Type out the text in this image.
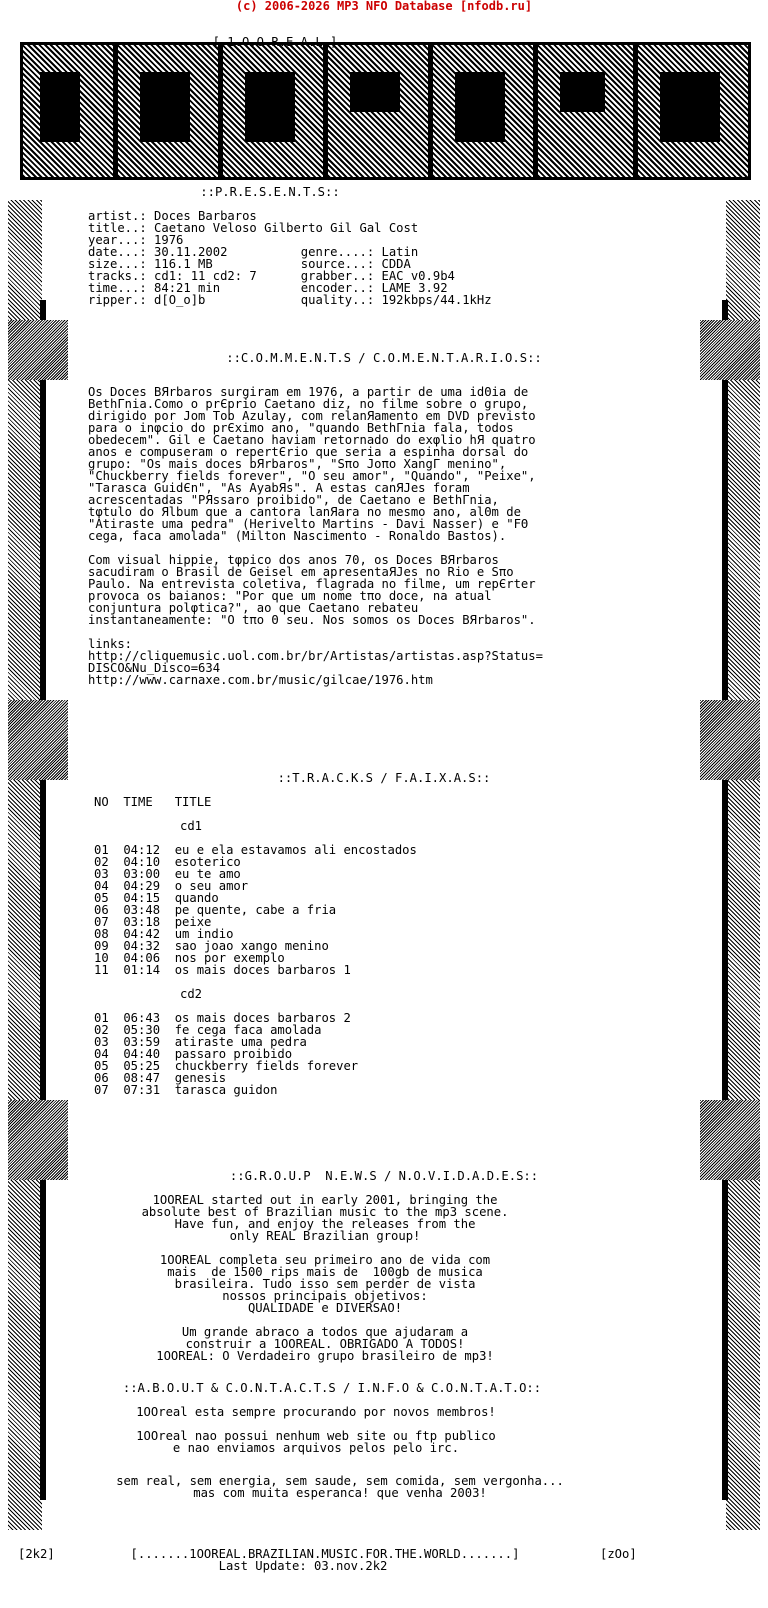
(c) 2006-2026 MP3 NFO Database [nfodb.ru]
[.1.O.O.R.E.A.L.]
::P.R.E.S.E.N.T.S::
artist.: Doces Barbaros
title..: Caetano Veloso Gilberto Gil Gal Cost
year...: 1976
date...: 30.11.2002          genre....: Latin
size...: 116.1 MB            source...: CDDA
tracks.: cd1: 11 cd2: 7      grabber..: EAC v0.9b4
time...: 84:21 min           encoder..: LAME 3.92
ripper.: d[O_o]b             quality..: 192kbps/44.1kHz
::C.O.M.M.E.N.T.S / C.O.M.E.N.T.A.R.I.O.S::
Os Doces BЯrbaros surgiram em 1976, a partir de uma idΘia de
BethΓnia.Como o prЄprio Caetano diz, no filme sobre o grupo,
dirigido por Jom Tob Azulay, com relanЯamento em DVD previsto
para o inφcio do prЄximo ano, "quando BethΓnia fala, todos
obedecem". Gil e Caetano haviam retornado do exφlio hЯ quatro
anos e compuseram o repertЄrio que seria a espinha dorsal do
grupo: "Os mais doces bЯrbaros", "Sπo Joπo XangΓ menino",
"Chuckberry fields forever", "O seu amor", "Quando", "Peixe",
"Tarasca GuidЄn", "As AyabЯs". A estas canЯJes foram
acrescentadas "PЯssaro proibido", de Caetano e BethΓnia,
tφtulo do Яlbum que a cantora lanЯara no mesmo ano, alΘm de
"Atiraste uma pedra" (Herivelto Martins - Davi Nasser) e "FΘ
cega, faca amolada" (Milton Nascimento - Ronaldo Bastos).

Com visual hippie, tφpico dos anos 70, os Doces BЯrbaros
sacudiram o Brasil de Geisel em apresentaЯJes no Rio e Sπo
Paulo. Na entrevista coletiva, flagrada no filme, um repЄrter
provoca os baianos: "Por que um nome tπo doce, na atual
conjuntura polφtica?", ao que Caetano rebateu
instantaneamente: "O tπo Θ seu. Nos somos os Doces BЯrbaros".

links:
http://cliquemusic.uol.com.br/br/Artistas/artistas.asp?Status=
DISCO&Nu_Disco=634
http://www.carnaxe.com.br/music/gilcae/1976.htm
::T.R.A.C.K.S / F.A.I.X.A.S::
NO  TIME   TITLE
cd1
01  04:12  eu e ela estavamos ali encostados
02  04:10  esoterico
03  03:00  eu te amo
04  04:29  o seu amor
05  04:15  quando
06  03:48  pe quente, cabe a fria
07  03:18  peixe
08  04:42  um indio
09  04:32  sao joao xango menino
10  04:06  nos por exemplo
11  01:14  os mais doces barbaros 1
cd2
01  06:43  os mais doces barbaros 2
02  05:30  fe cega faca amolada
03  03:59  atiraste uma pedra
04  04:40  passaro proibido
05  05:25  chuckberry fields forever
06  08:47  genesis
07  07:31  tarasca guidon
::G.R.O.U.P  N.E.W.S / N.O.V.I.D.A.D.E.S::
1OOREAL started out in early 2001, bringing the
absolute best of Brazilian music to the mp3 scene.
Have fun, and enjoy the releases from the
only REAL Brazilian group!

1OOREAL completa seu primeiro ano de vida com
mais  de 1500 rips mais de  100gb de musica
brasileira. Tudo isso sem perder de vista
nossos principais objetivos:
QUALIDADE e DIVERSAO!

Um grande abraco a todos que ajudaram a
construir a 1OOREAL. OBRIGADO A TODOS!
1OOREAL: O Verdadeiro grupo brasileiro de mp3!
::A.B.O.U.T & C.O.N.T.A.C.T.S / I.N.F.O & C.O.N.T.A.T.O::
1OOreal esta sempre procurando por novos membros!

1OOreal nao possui nenhum web site ou ftp publico
e nao enviamos arquivos pelos pelo irc.
sem real, sem energia, sem saude, sem comida, sem vergonha...
mas com muita esperanca! que venha 2003!
[2k2]	[.......1OOREAL.BRAZILIAN.MUSIC.FOR.THE.WORLD.......]	[zOo]
Last Update: 03.nov.2k2
